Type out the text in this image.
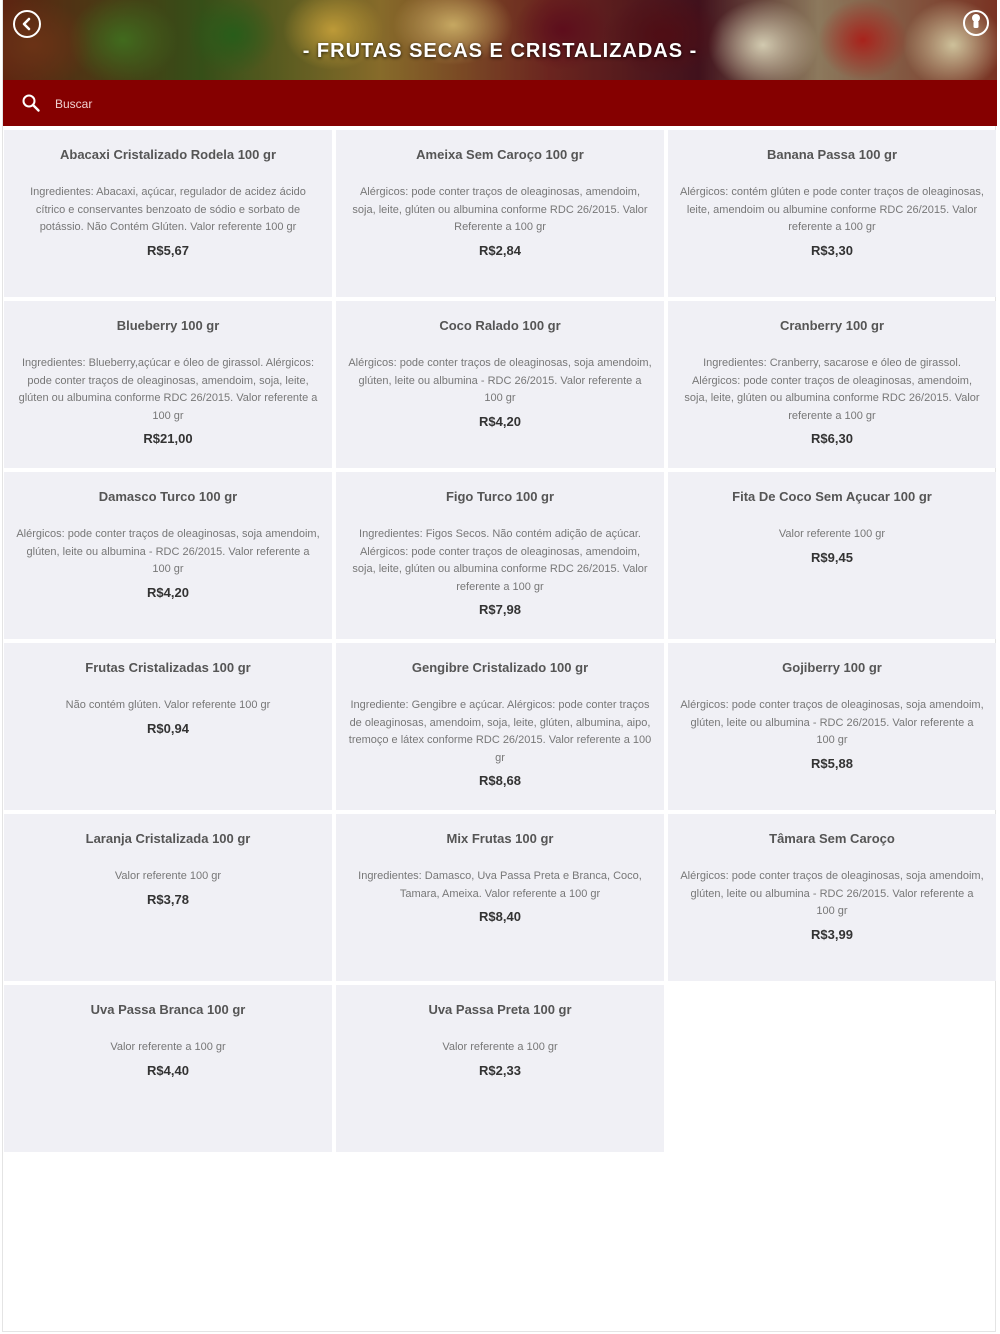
- FRUTAS SECAS E CRISTALIZADAS -
Buscar
Abacaxi Cristalizado Rodela 100 gr
Ingredientes: Abacaxi, açúcar, regulador de acidez ácido cítrico e conservantes benzoato de sódio e sorbato de potássio. Não Contém Glúten. Valor referente 100 gr
R$5,67
Ameixa Sem Caroço 100 gr
Alérgicos: pode conter traços de oleaginosas, amendoim, soja, leite, glúten ou albumina conforme RDC 26/2015. Valor Referente a 100 gr
R$2,84
Banana Passa 100 gr
Alérgicos: contém glúten e pode conter traços de oleaginosas, leite, amendoim ou albumine conforme RDC 26/2015. Valor referente a 100 gr
R$3,30
Blueberry 100 gr
Ingredientes: Blueberry,açúcar e óleo de girassol. Alérgicos: pode conter traços de oleaginosas, amendoim, soja, leite, glúten ou albumina conforme RDC 26/2015. Valor referente a 100 gr
R$21,00
Coco Ralado 100 gr
Alérgicos: pode conter traços de oleaginosas, soja amendoim, glúten, leite ou albumina - RDC 26/2015. Valor referente a 100 gr
R$4,20
Cranberry 100 gr
Ingredientes: Cranberry, sacarose e óleo de girassol. Alérgicos: pode conter traços de oleaginosas, amendoim, soja, leite, glúten ou albumina conforme RDC 26/2015. Valor referente a 100 gr
R$6,30
Damasco Turco 100 gr
Alérgicos: pode conter traços de oleaginosas, soja amendoim, glúten, leite ou albumina - RDC 26/2015. Valor referente a 100 gr
R$4,20
Figo Turco 100 gr
Ingredientes: Figos Secos. Não contém adição de açúcar. Alérgicos: pode conter traços de oleaginosas, amendoim, soja, leite, glúten ou albumina conforme RDC 26/2015. Valor referente a 100 gr
R$7,98
Fita De Coco Sem Açucar 100 gr
Valor referente 100 gr
R$9,45
Frutas Cristalizadas 100 gr
Não contém glúten. Valor referente 100 gr
R$0,94
Gengibre Cristalizado 100 gr
Ingrediente: Gengibre e açúcar. Alérgicos: pode conter traços de oleaginosas, amendoim, soja, leite, glúten, albumina, aipo, tremoço e látex conforme RDC 26/2015. Valor referente a 100 gr
R$8,68
Gojiberry 100 gr
Alérgicos: pode conter traços de oleaginosas, soja amendoim, glúten, leite ou albumina - RDC 26/2015. Valor referente a 100 gr
R$5,88
Laranja Cristalizada 100 gr
Valor referente 100 gr
R$3,78
Mix Frutas 100 gr
Ingredientes: Damasco, Uva Passa Preta e Branca, Coco, Tamara, Ameixa. Valor referente a 100 gr
R$8,40
Tâmara Sem Caroço
Alérgicos: pode conter traços de oleaginosas, soja amendoim, glúten, leite ou albumina - RDC 26/2015. Valor referente a 100 gr
R$3,99
Uva Passa Branca 100 gr
Valor referente a 100 gr
R$4,40
Uva Passa Preta 100 gr
Valor referente a 100 gr
R$2,33
